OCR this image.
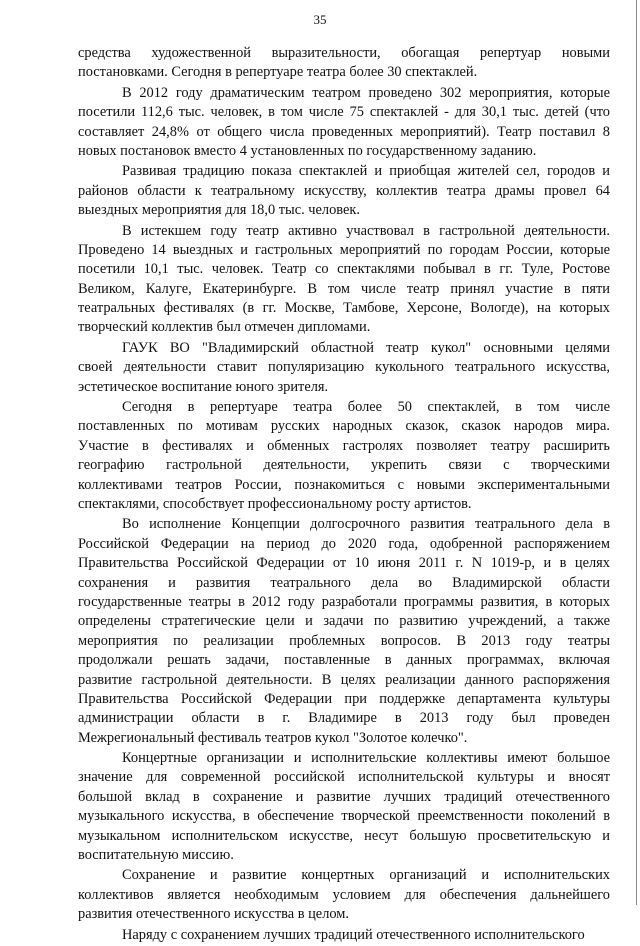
35
средства художественной выразительности, обогащая репертуар новыми
постановками. Сегодня в репертуаре театра более 30 спектаклей.
В 2012 году драматическим театром проведено 302 мероприятия, которые
посетили 112,6 тыс. человек, в том числе 75 спектаклей - для 30,1 тыс. детей (что
составляет 24,8% от общего числа проведенных мероприятий). Театр поставил 8
новых постановок вместо 4 установленных по государственному заданию.
Развивая традицию показа спектаклей и приобщая жителей сел, городов и
районов области к театральному искусству, коллектив театра драмы провел 64
выездных мероприятия для 18,0 тыс. человек.
В истекшем году театр активно участвовал в гастрольной деятельности.
Проведено 14 выездных и гастрольных мероприятий по городам России, которые
посетили 10,1 тыс. человек. Театр со спектаклями побывал в гг. Туле, Ростове
Великом, Калуге, Екатеринбурге. В том числе театр принял участие в пяти
театральных фестивалях (в гг. Москве, Тамбове, Херсоне, Вологде), на которых
творческий коллектив был отмечен дипломами.
ГАУК ВО "Владимирский областной театр кукол" основными целями
своей деятельности ставит популяризацию кукольного театрального искусства,
эстетическое воспитание юного зрителя.
Сегодня в репертуаре театра более 50 спектаклей, в том числе
поставленных по мотивам русских народных сказок, сказок народов мира.
Участие в фестивалях и обменных гастролях позволяет театру расширить
географию гастрольной деятельности, укрепить связи с творческими
коллективами театров России, познакомиться с новыми экспериментальными
спектаклями, способствует профессиональному росту артистов.
Во исполнение Концепции долгосрочного развития театрального дела в
Российской Федерации на период до 2020 года, одобренной распоряжением
Правительства Российской Федерации от 10 июня 2011 г. N 1019-р, и в целях
сохранения и развития театрального дела во Владимирской области
государственные театры в 2012 году разработали программы развития, в которых
определены стратегические цели и задачи по развитию учреждений, а также
мероприятия по реализации проблемных вопросов. В 2013 году театры
продолжали решать задачи, поставленные в данных программах, включая
развитие гастрольной деятельности. В целях реализации данного распоряжения
Правительства Российской Федерации при поддержке департамента культуры
администрации области в г. Владимире в 2013 году был проведен
Межрегиональный фестиваль театров кукол "Золотое колечко".
Концертные организации и исполнительские коллективы имеют большое
значение для современной российской исполнительской культуры и вносят
большой вклад в сохранение и развитие лучших традиций отечественного
музыкального искусства, в обеспечение творческой преемственности поколений в
музыкальном исполнительском искусстве, несут большую просветительскую и
воспитательную миссию.
Сохранение и развитие концертных организаций и исполнительских
коллективов является необходимым условием для обеспечения дальнейшего
развития отечественного искусства в целом.
Наряду с сохранением лучших традиций отечественного исполнительского
